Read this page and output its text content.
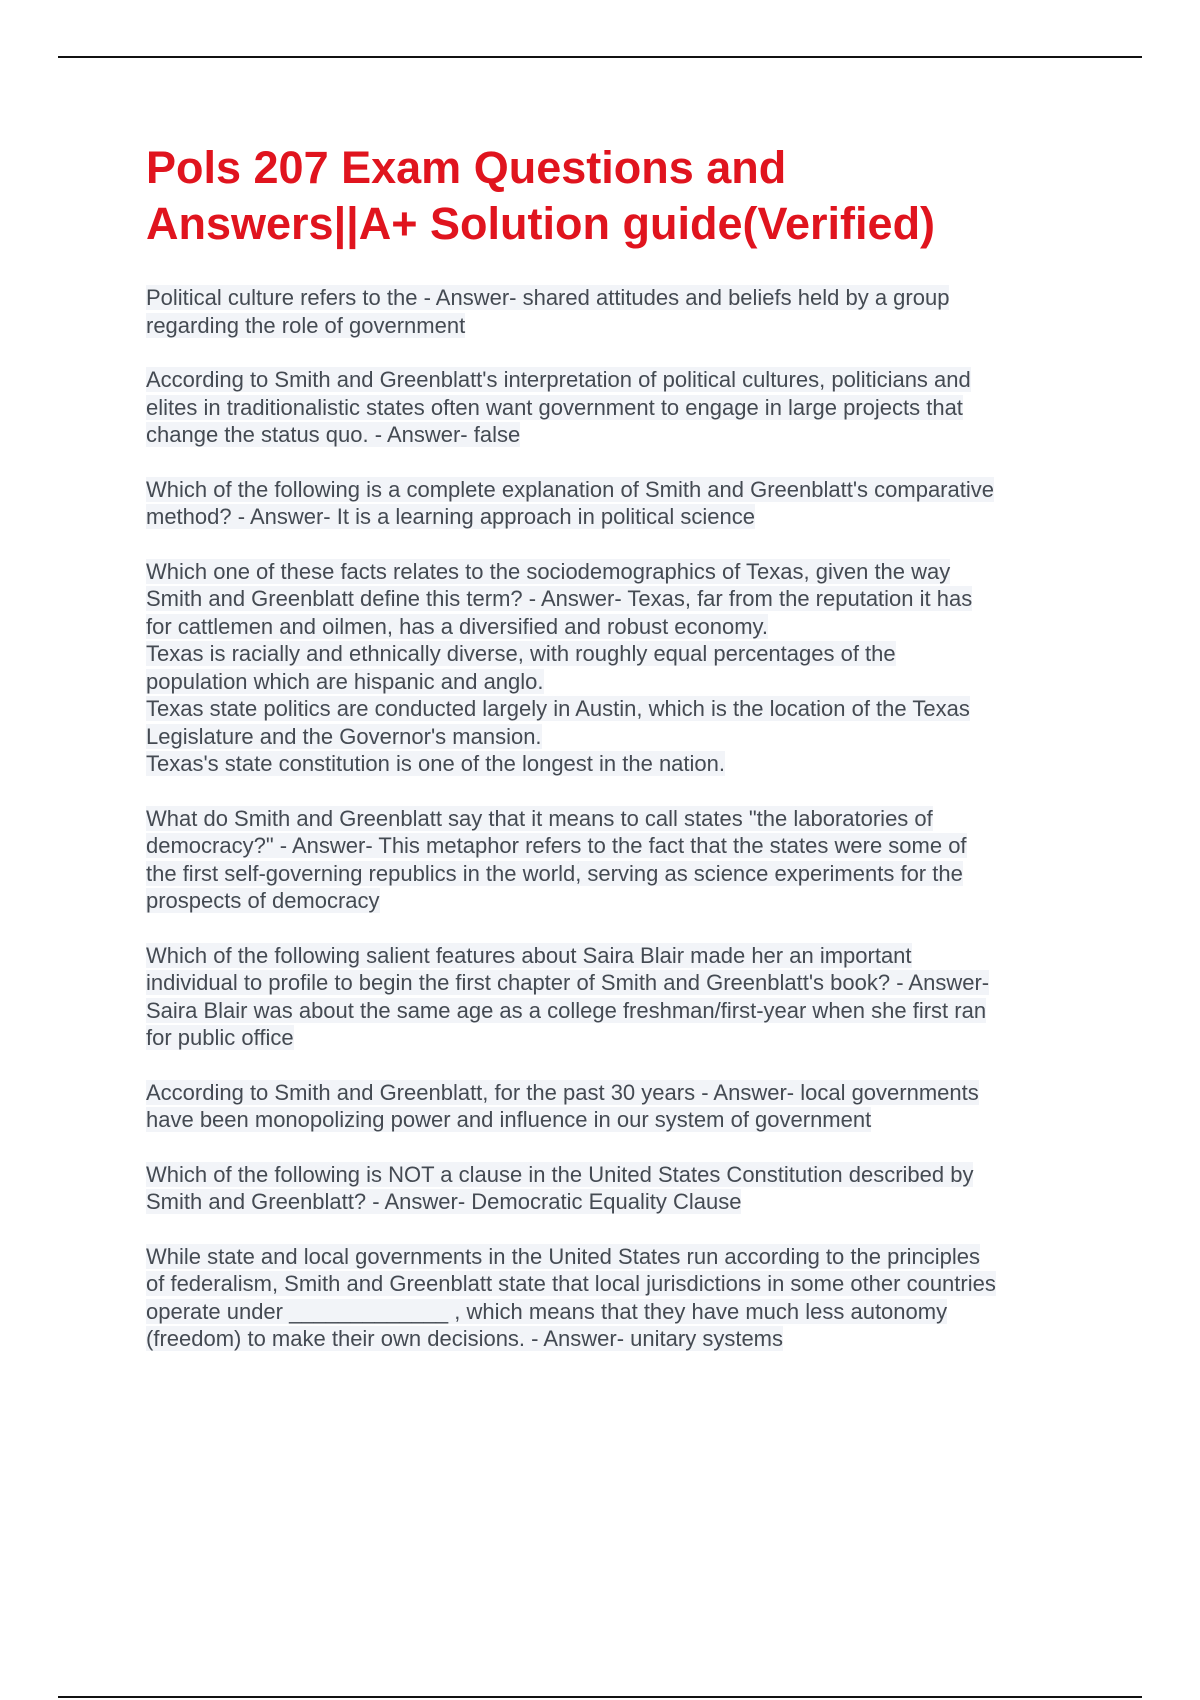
Pols 207 Exam Questions and
Answers||A+ Solution guide(Verified)

Political culture refers to the - Answer- shared attitudes and beliefs held by a group
regarding the role of government

According to Smith and Greenblatt's interpretation of political cultures, politicians and
elites in traditionalistic states often want government to engage in large projects that
change the status quo. - Answer- false

Which of the following is a complete explanation of Smith and Greenblatt's comparative
method? - Answer- It is a learning approach in political science

Which one of these facts relates to the sociodemographics of Texas, given the way
Smith and Greenblatt define this term? - Answer- Texas, far from the reputation it has
for cattlemen and oilmen, has a diversified and robust economy.
Texas is racially and ethnically diverse, with roughly equal percentages of the
population which are hispanic and anglo.
Texas state politics are conducted largely in Austin, which is the location of the Texas
Legislature and the Governor's mansion.
Texas's state constitution is one of the longest in the nation.

What do Smith and Greenblatt say that it means to call states "the laboratories of
democracy?" - Answer- This metaphor refers to the fact that the states were some of
the first self-governing republics in the world, serving as science experiments for the
prospects of democracy

Which of the following salient features about Saira Blair made her an important
individual to profile to begin the first chapter of Smith and Greenblatt's book? - Answer-
Saira Blair was about the same age as a college freshman/first-year when she first ran
for public office

According to Smith and Greenblatt, for the past 30 years - Answer- local governments
have been monopolizing power and influence in our system of government

Which of the following is NOT a clause in the United States Constitution described by
Smith and Greenblatt? - Answer- Democratic Equality Clause

While state and local governments in the United States run according to the principles
of federalism, Smith and Greenblatt state that local jurisdictions in some other countries
operate under _____________ , which means that they have much less autonomy
(freedom) to make their own decisions. - Answer- unitary systems
